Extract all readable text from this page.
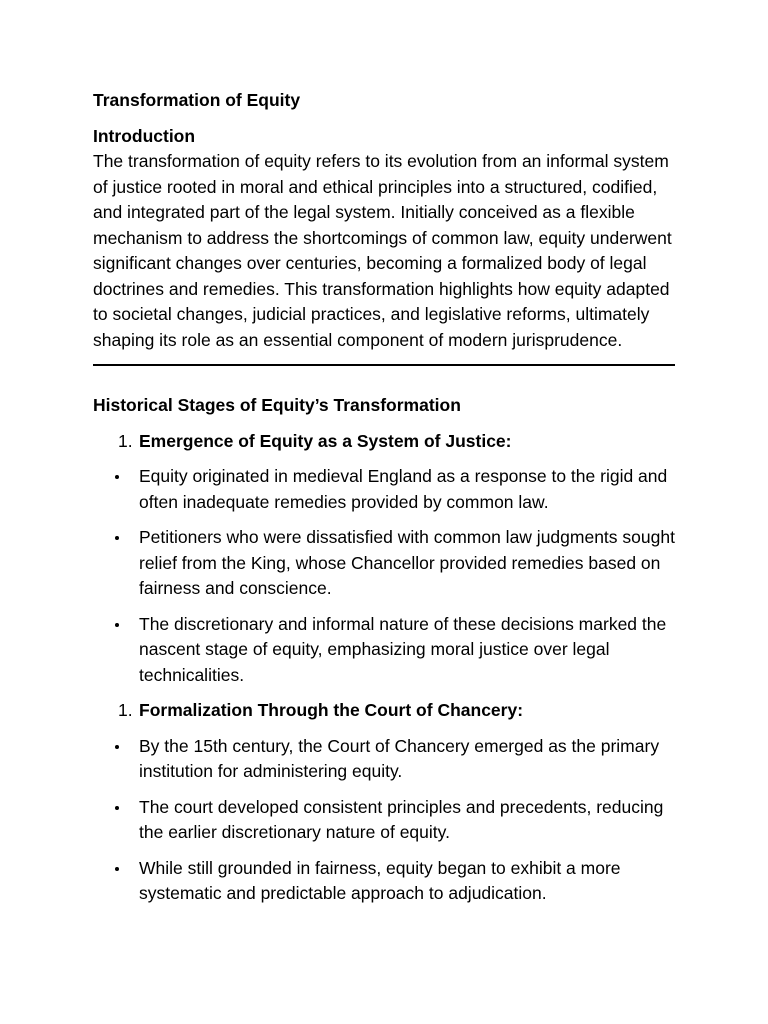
Transformation of Equity

Introduction

The transformation of equity refers to its evolution from an informal system of justice rooted in moral and ethical principles into a structured, codified, and integrated part of the legal system. Initially conceived as a flexible mechanism to address the shortcomings of common law, equity underwent significant changes over centuries, becoming a formalized body of legal doctrines and remedies. This transformation highlights how equity adapted to societal changes, judicial practices, and legislative reforms, ultimately shaping its role as an essential component of modern jurisprudence.

Historical Stages of Equity’s Transformation

1. Emergence of Equity as a System of Justice:
Equity originated in medieval England as a response to the rigid and often inadequate remedies provided by common law.
Petitioners who were dissatisfied with common law judgments sought relief from the King, whose Chancellor provided remedies based on fairness and conscience.
The discretionary and informal nature of these decisions marked the nascent stage of equity, emphasizing moral justice over legal technicalities.
1. Formalization Through the Court of Chancery:
By the 15th century, the Court of Chancery emerged as the primary institution for administering equity.
The court developed consistent principles and precedents, reducing the earlier discretionary nature of equity.
While still grounded in fairness, equity began to exhibit a more systematic and predictable approach to adjudication.
